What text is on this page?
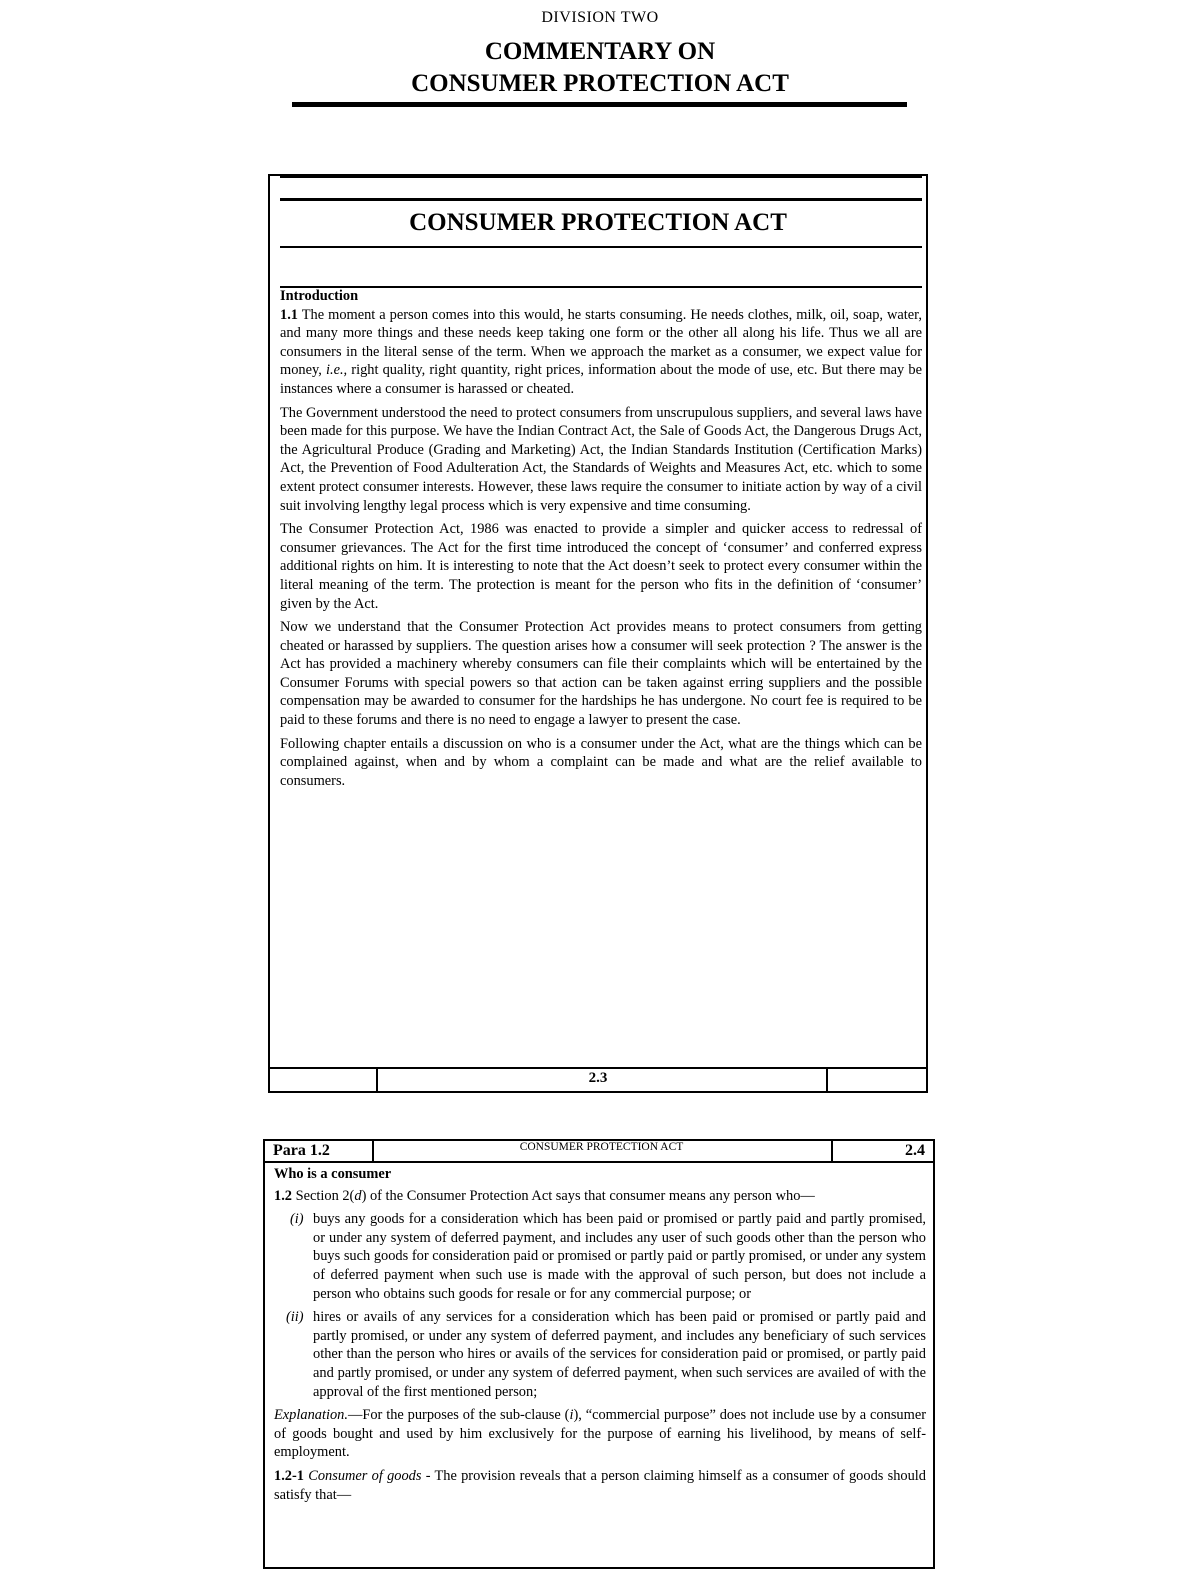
DIVISION TWO
COMMENTARY ON
CONSUMER PROTECTION ACT
CONSUMER PROTECTION ACT
Introduction

1.1 The moment a person comes into this would, he starts consuming. He needs clothes, milk, oil, soap, water, and many more things and these needs keep taking one form or the other all along his life. Thus we all are consumers in the literal sense of the term. When we approach the market as a consumer, we expect value for money, i.e., right quality, right quantity, right prices, information about the mode of use, etc. But there may be instances where a consumer is harassed or cheated.

The Government understood the need to protect consumers from unscrupulous suppliers, and several laws have been made for this purpose. We have the Indian Contract Act, the Sale of Goods Act, the Dangerous Drugs Act, the Agricultural Produce (Grading and Marketing) Act, the Indian Standards Institution (Certification Marks) Act, the Prevention of Food Adulteration Act, the Standards of Weights and Measures Act, etc. which to some extent protect consumer interests. However, these laws require the consumer to initiate action by way of a civil suit involving lengthy legal process which is very expensive and time consuming.

The Consumer Protection Act, 1986 was enacted to provide a simpler and quicker access to redressal of consumer grievances. The Act for the first time introduced the concept of ‘consumer’ and conferred express additional rights on him. It is interesting to note that the Act doesn’t seek to protect every consumer within the literal meaning of the term. The protection is meant for the person who fits in the definition of ‘consumer’ given by the Act.

Now we understand that the Consumer Protection Act provides means to protect consumers from getting cheated or harassed by suppliers. The question arises how a consumer will seek protection ? The answer is the Act has provided a machinery whereby consumers can file their complaints which will be entertained by the Consumer Forums with special powers so that action can be taken against erring suppliers and the possible compensation may be awarded to consumer for the hardships he has undergone. No court fee is required to be paid to these forums and there is no need to engage a lawyer to present the case.

Following chapter entails a discussion on who is a consumer under the Act, what are the things which can be complained against, when and by whom a complaint can be made and what are the relief available to consumers.

2.3
Para 1.2	CONSUMER PROTECTION ACT	2.4
Who is a consumer

1.2 Section 2(d) of the Consumer Protection Act says that consumer means any person who—

(i) buys any goods for a consideration which has been paid or promised or partly paid and partly promised, or under any system of deferred payment, and includes any user of such goods other than the person who buys such goods for consideration paid or promised or partly paid or partly promised, or under any system of deferred payment when such use is made with the approval of such person, but does not include a person who obtains such goods for resale or for any commercial purpose; or
(ii) hires or avails of any services for a consideration which has been paid or promised or partly paid and partly promised, or under any system of deferred payment, and includes any beneficiary of such services other than the person who hires or avails of the services for consideration paid or promised, or partly paid and partly promised, or under any system of deferred payment, when such services are availed of with the approval of the first mentioned person;

Explanation.—For the purposes of the sub-clause (i), “commercial purpose” does not include use by a consumer of goods bought and used by him exclusively for the purpose of earning his livelihood, by means of self-employment.

1.2-1 Consumer of goods - The provision reveals that a person claiming himself as a consumer of goods should satisfy that—
